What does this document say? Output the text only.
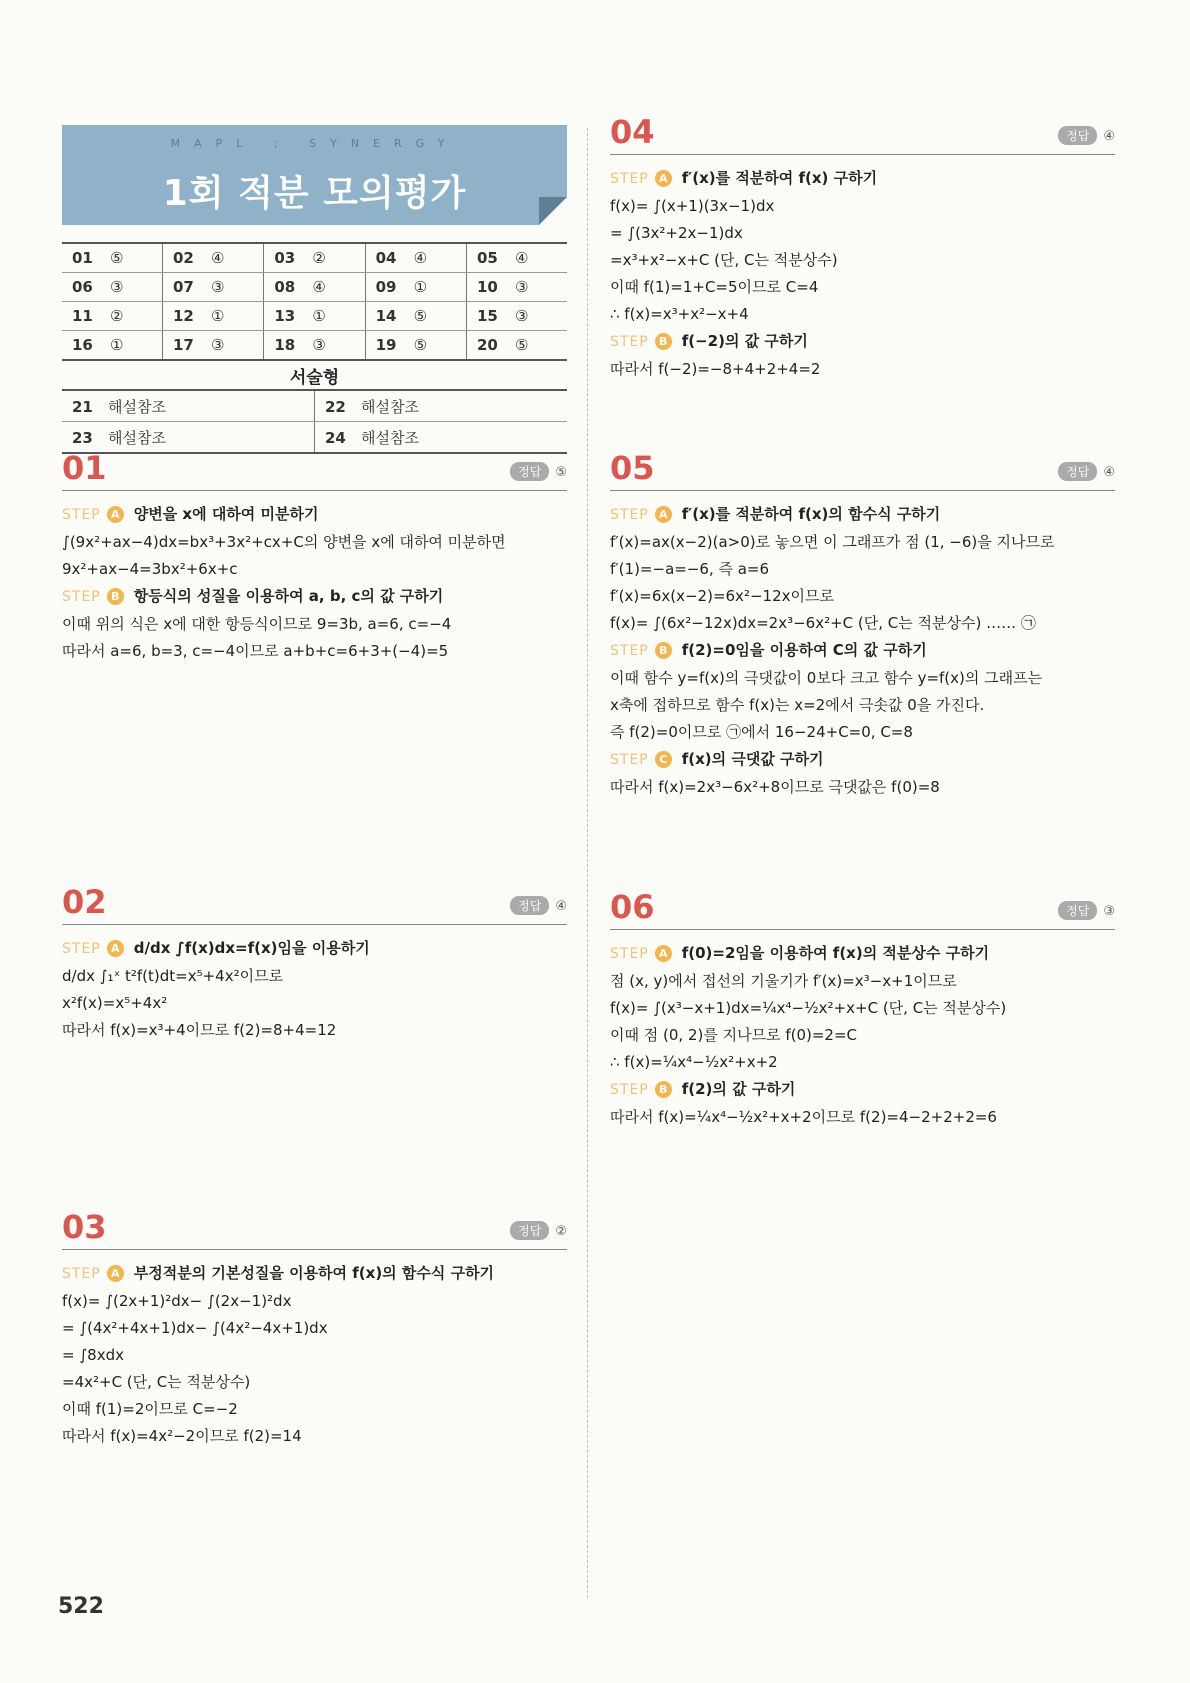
MAPL ; SYNERGY
1회 적분 모의평가
01 ⑤	02 ④	03 ②	04 ④	05 ④
06 ③	07 ③	08 ④	09 ①	10 ③
11 ②	12 ①	13 ①	14 ⑤	15 ③
16 ①	17 ③	18 ③	19 ⑤	20 ⑤
서술형
21 해설참조	22 해설참조
23 해설참조	24 해설참조
01	정답 ⑤
STEP A 양변을 x에 대하여 미분하기
∫(9x²+ax−4)dx=bx³+3x²+cx+C의 양변을 x에 대하여 미분하면
9x²+ax−4=3bx²+6x+c
STEP B 항등식의 성질을 이용하여 a, b, c의 값 구하기
이때 위의 식은 x에 대한 항등식이므로 9=3b, a=6, c=−4
따라서 a=6, b=3, c=−4이므로 a+b+c=6+3+(−4)=5
02	정답 ④
STEP A d/dx ∫f(x)dx=f(x)임을 이용하기
d/dx ∫₁ˣ t²f(t)dt=x⁵+4x²이므로
x²f(x)=x⁵+4x²
따라서 f(x)=x³+4이므로 f(2)=8+4=12
03	정답 ②
STEP A 부정적분의 기본성질을 이용하여 f(x)의 함수식 구하기
f(x)= ∫(2x+1)²dx− ∫(2x−1)²dx
= ∫(4x²+4x+1)dx− ∫(4x²−4x+1)dx
= ∫8xdx
=4x²+C (단, C는 적분상수)
이때 f(1)=2이므로 C=−2
따라서 f(x)=4x²−2이므로 f(2)=14
04	정답 ④
STEP A f′(x)를 적분하여 f(x) 구하기
f(x)= ∫(x+1)(3x−1)dx
= ∫(3x²+2x−1)dx
=x³+x²−x+C (단, C는 적분상수)
이때 f(1)=1+C=5이므로 C=4
∴ f(x)=x³+x²−x+4
STEP B f(−2)의 값 구하기
따라서 f(−2)=−8+4+2+4=2
05	정답 ④
STEP A f′(x)를 적분하여 f(x)의 함수식 구하기
f′(x)=ax(x−2)(a>0)로 놓으면 이 그래프가 점 (1, −6)을 지나므로
f′(1)=−a=−6, 즉 a=6
f′(x)=6x(x−2)=6x²−12x이므로
f(x)= ∫(6x²−12x)dx=2x³−6x²+C (단, C는 적분상수) …… ㉠
STEP B f(2)=0임을 이용하여 C의 값 구하기
이때 함수 y=f(x)의 극댓값이 0보다 크고 함수 y=f(x)의 그래프는
x축에 접하므로 함수 f(x)는 x=2에서 극솟값 0을 가진다.
즉 f(2)=0이므로 ㉠에서 16−24+C=0, C=8
STEP C f(x)의 극댓값 구하기
따라서 f(x)=2x³−6x²+8이므로 극댓값은 f(0)=8
06	정답 ③
STEP A f(0)=2임을 이용하여 f(x)의 적분상수 구하기
점 (x, y)에서 접선의 기울기가 f′(x)=x³−x+1이므로
f(x)= ∫(x³−x+1)dx=¼x⁴−½x²+x+C (단, C는 적분상수)
이때 점 (0, 2)를 지나므로 f(0)=2=C
∴ f(x)=¼x⁴−½x²+x+2
STEP B f(2)의 값 구하기
따라서 f(x)=¼x⁴−½x²+x+2이므로 f(2)=4−2+2+2=6
522
